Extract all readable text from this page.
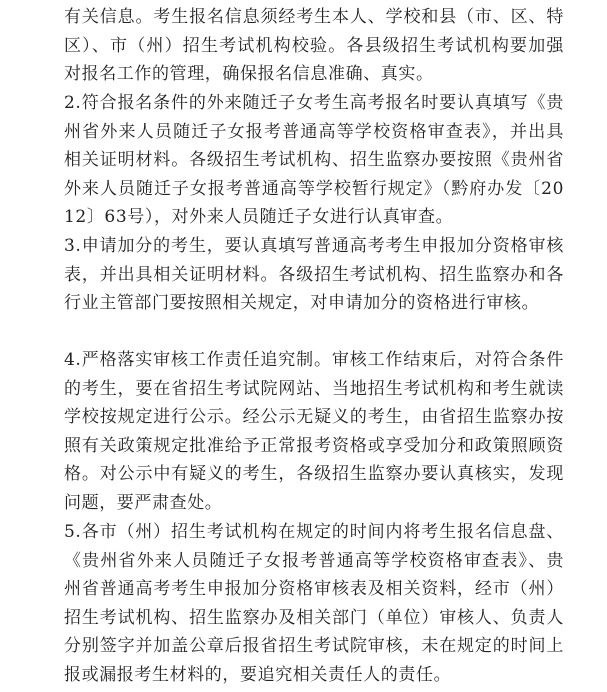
有关信息。考生报名信息须经考生本人、学校和县（市、区、特区）、市（州）招生考试机构校验。各县级招生考试机构要加强对报名工作的管理，确保报名信息准确、真实。

2.符合报名条件的外来随迁子女考生高考报名时要认真填写《贵州省外来人员随迁子女报考普通高等学校资格审查表》，并出具相关证明材料。各级招生考试机构、招生监察办要按照《贵州省外来人员随迁子女报考普通高等学校暂行规定》（黔府办发〔2012〕63号），对外来人员随迁子女进行认真审查。

3.申请加分的考生，要认真填写普通高考考生申报加分资格审核表，并出具相关证明材料。各级招生考试机构、招生监察办和各行业主管部门要按照相关规定，对申请加分的资格进行审核。

4.严格落实审核工作责任追究制。审核工作结束后，对符合条件的考生，要在省招生考试院网站、当地招生考试机构和考生就读学校按规定进行公示。经公示无疑义的考生，由省招生监察办按照有关政策规定批准给予正常报考资格或享受加分和政策照顾资格。对公示中有疑义的考生，各级招生监察办要认真核实，发现问题，要严肃查处。

5.各市（州）招生考试机构在规定的时间内将考生报名信息盘、《贵州省外来人员随迁子女报考普通高等学校资格审查表》、贵州省普通高考考生申报加分资格审核表及相关资料，经市（州）招生考试机构、招生监察办及相关部门（单位）审核人、负责人分别签字并加盖公章后报省招生考试院审核，未在规定的时间上报或漏报考生材料的，要追究相关责任人的责任。
